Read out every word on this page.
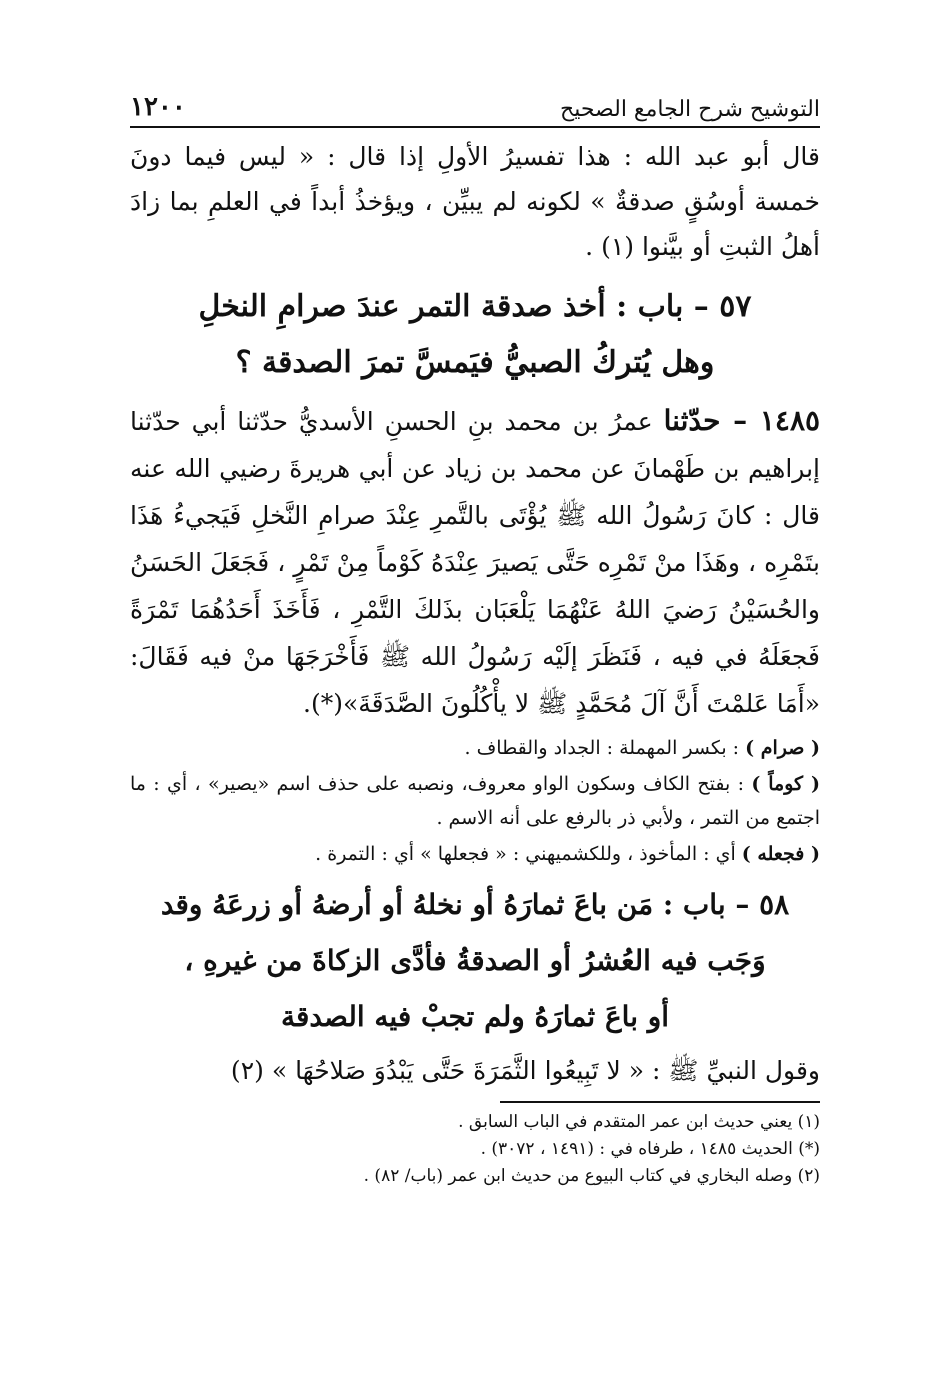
التوشيح شرح الجامع الصحيح
١٢٠٠

قال أبو عبد الله : هذا تفسيرُ الأولِ إذا قال : « ليس فيما دونَ خمسة أوسُقٍ صدقةٌ » لكونه لم يبيِّن ، ويؤخذُ أبداً في العلمِ بما زادَ أهلُ الثبتِ أو بيَّنوا (١) .

٥٧ – باب : أخذ صدقة التمر عندَ صرامِ النخلِ

وهل يُتركُ الصبيُّ فيَمسَّ تمرَ الصدقة ؟

١٤٨٥ – حدّثنا عمرُ بن محمد بنِ الحسنِ الأسديُّ حدّثنا أبي حدّثنا إبراهيم بن طَهْمانَ عن محمد بن زياد عن أبي هريرةَ رضيي الله عنه قال : كانَ رَسُولُ الله ﷺ يُؤْتَى بالتَّمرِ عِنْدَ صرامِ النَّخلِ فَيَجيءُ هَذَا بتَمْرِه ، وهَذَا منْ تَمْرِه حَتَّى يَصيرَ عِنْدَهُ كَوْماً مِنْ تَمْرٍ ، فَجَعَلَ الحَسَنُ والحُسَيْنُ رَضيَ اللهُ عَنْهُمَا يَلْعَبَان بذَلكَ التَّمْرِ ، فَأَخَذَ أَحَدُهُمَا تَمْرَةً فَجعَلَهُ في فيه ، فَنَظَرَ إلَيْه رَسُولُ الله ﷺ فَأَخْرَجَهَا منْ فيه فَقَالَ: «أَمَا عَلمْتَ أَنَّ آلَ مُحَمَّدٍ ﷺ لا يأْكُلُونَ الصَّدَقَةَ»(*).

( صرام ) : بكسر المهملة : الجداد والقطاف .

( كوماً ) : بفتح الكاف وسكون الواو معروف، ونصبه على حذف اسم «يصير» ، أي : ما اجتمع من التمر ، ولأبي ذر بالرفع على أنه الاسم .

( فجعله ) أي : المأخوذ ، وللكشميهني : « فجعلها » أي : التمرة .

٥٨ – باب : مَن باعَ ثمارَهُ أو نخلهُ أو أرضهُ أو زرعَهُ وقد

وَجَب فيه العُشرُ أو الصدقةُ فأدَّى الزكاةَ من غيرهِ ،

أو باعَ ثمارَهُ ولم تجبْ فيه الصدقة

وقول النبيِّ ﷺ : « لا تَبِيعُوا الثَّمَرَةَ حَتَّى يَبْدُوَ صَلاحُهَا » (٢)

(١) يعني حديث ابن عمر المتقدم في الباب السابق .

(*) الحديث ١٤٨٥ ، طرفاه في : (١٤٩١ ، ٣٠٧٢) .

(٢) وصله البخاري في كتاب البيوع من حديث ابن عمر (باب/ ٨٢) .
